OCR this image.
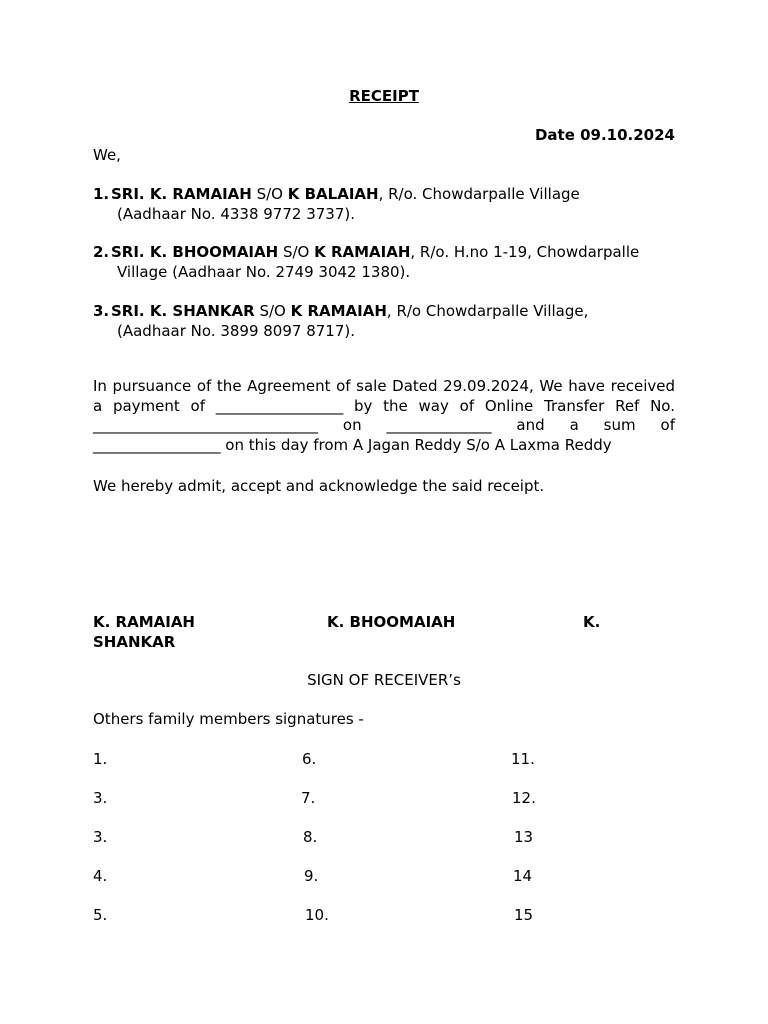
RECEIPT
Date 09.10.2024
We,
1. SRI. K. RAMAIAH S/O K BALAIAH, R/o. Chowdarpalle Village
(Aadhaar No. 4338 9772 3737).
2. SRI. K. BHOOMAIAH S/O K RAMAIAH, R/o. H.no 1-19, Chowdarpalle
Village (Aadhaar No. 2749 3042 1380).
3. SRI. K. SHANKAR S/O K RAMAIAH, R/o Chowdarpalle Village,
(Aadhaar No. 3899 8097 8717).
In pursuance of the Agreement of sale Dated 29.09.2024, We have received a payment of _________________ by the way of Online Transfer Ref No. ______________________________ on ______________ and a sum of _________________ on this day from A Jagan Reddy S/o A Laxma Reddy
We hereby admit, accept and acknowledge the said receipt.
K. RAMAIAH	K. BHOOMAIAH	K.
SHANKAR
SIGN OF RECEIVER’s
Others family members signatures -
1.
3.
3.
4.
5.
6.
7.
8.
9.
10.
11.
12.
13
14
15
